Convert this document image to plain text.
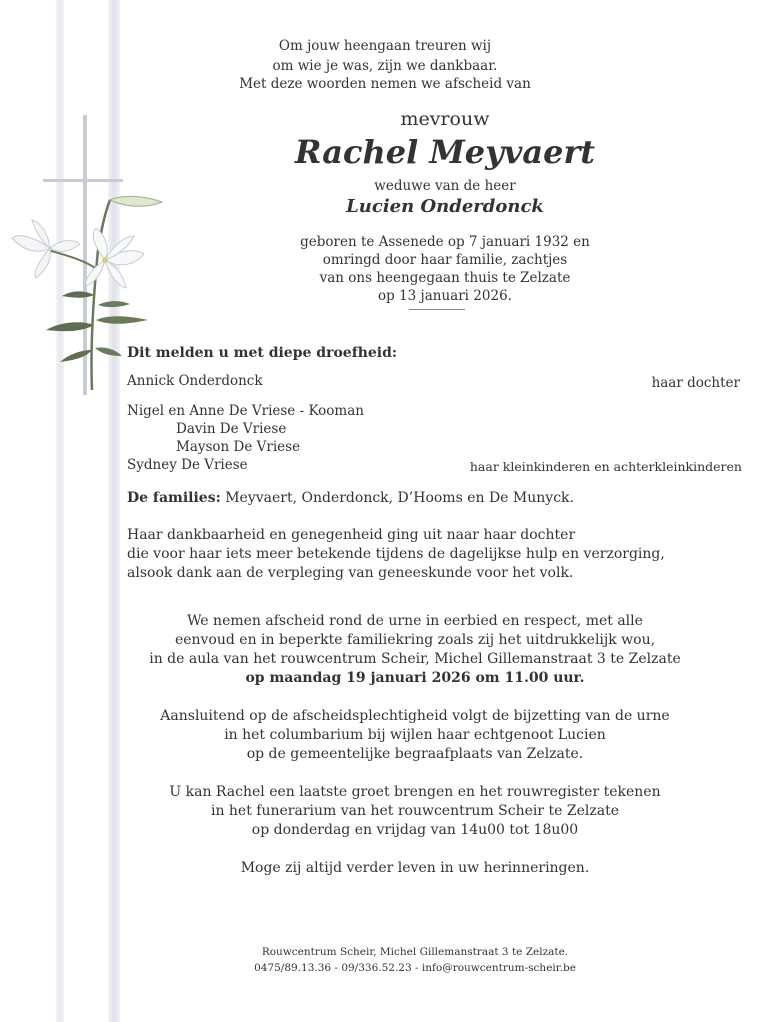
Om jouw heengaan treuren wij
om wie je was, zijn we dankbaar.
Met deze woorden nemen we afscheid van
mevrouw
Rachel Meyvaert
weduwe van de heer
Lucien Onderdonck
geboren te Assenede op 7 januari 1932 en
omringd door haar familie, zachtjes
van ons heengegaan thuis te Zelzate
op 13 januari 2026.
Dit melden u met diepe droefheid:
Annick Onderdonck	haar dochter
Nigel en Anne De Vriese - Kooman
Davin De Vriese
Mayson De Vriese
Sydney De Vriese	haar kleinkinderen en achterkleinkinderen
De families: Meyvaert, Onderdonck, D’Hooms en De Munyck.
Haar dankbaarheid en genegenheid ging uit naar haar dochter
die voor haar iets meer betekende tijdens de dagelijkse hulp en verzorging,
alsook dank aan de verpleging van geneeskunde voor het volk.
We nemen afscheid rond de urne in eerbied en respect, met alle
eenvoud en in beperkte familiekring zoals zij het uitdrukkelijk wou,
in de aula van het rouwcentrum Scheir, Michel Gillemanstraat 3 te Zelzate
op maandag 19 januari 2026 om 11.00 uur.
Aansluitend op de afscheidsplechtigheid volgt de bijzetting van de urne
in het columbarium bij wijlen haar echtgenoot Lucien
op de gemeentelijke begraafplaats van Zelzate.
U kan Rachel een laatste groet brengen en het rouwregister tekenen
in het funerarium van het rouwcentrum Scheir te Zelzate
op donderdag en vrijdag van 14u00 tot 18u00
Moge zij altijd verder leven in uw herinneringen.
Rouwcentrum Scheir, Michel Gillemanstraat 3 te Zelzate.
0475/89.13.36 - 09/336.52.23 - info@rouwcentrum-scheir.be
